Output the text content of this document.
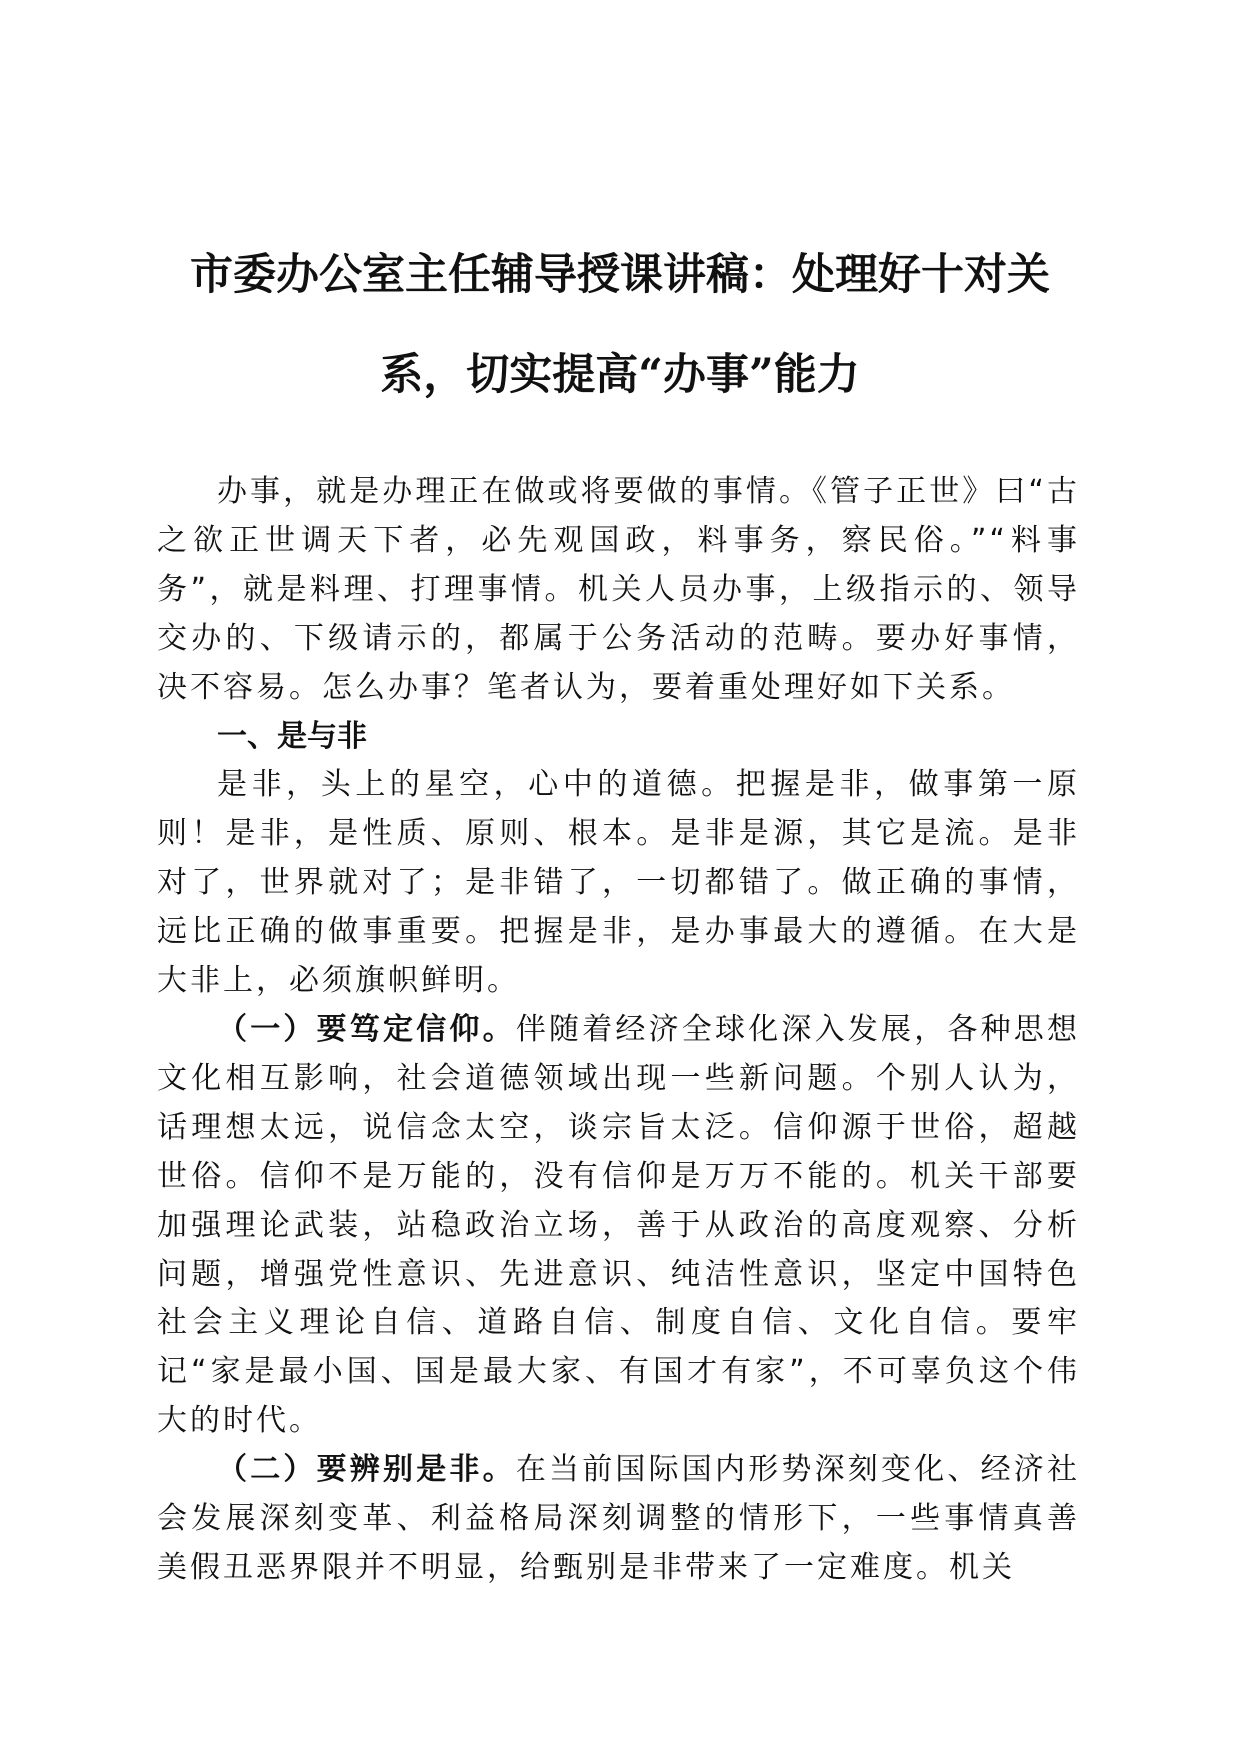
市委办公室主任辅导授课讲稿：处理好十对关
系，切实提高“办事”能力

办事，就是办理正在做或将要做的事情。《管子正世》曰“古之欲正世调天下者，必先观国政，料事务，察民俗。”“料事务”，就是料理、打理事情。机关人员办事，上级指示的、领导交办的、下级请示的，都属于公务活动的范畴。要办好事情，决不容易。怎么办事？笔者认为，要着重处理好如下关系。

一、是与非

是非，头上的星空，心中的道德。把握是非，做事第一原则！是非，是性质、原则、根本。是非是源，其它是流。是非对了，世界就对了；是非错了，一切都错了。做正确的事情，远比正确的做事重要。把握是非，是办事最大的遵循。在大是大非上，必须旗帜鲜明。

（一）要笃定信仰。伴随着经济全球化深入发展，各种思想文化相互影响，社会道德领域出现一些新问题。个别人认为，话理想太远，说信念太空，谈宗旨太泛。信仰源于世俗，超越世俗。信仰不是万能的，没有信仰是万万不能的。机关干部要加强理论武装，站稳政治立场，善于从政治的高度观察、分析问题，增强党性意识、先进意识、纯洁性意识，坚定中国特色社会主义理论自信、道路自信、制度自信、文化自信。要牢记“家是最小国、国是最大家、有国才有家”，不可辜负这个伟大的时代。

（二）要辨别是非。在当前国际国内形势深刻变化、经济社会发展深刻变革、利益格局深刻调整的情形下，一些事情真善美假丑恶界限并不明显，给甄别是非带来了一定难度。机关
